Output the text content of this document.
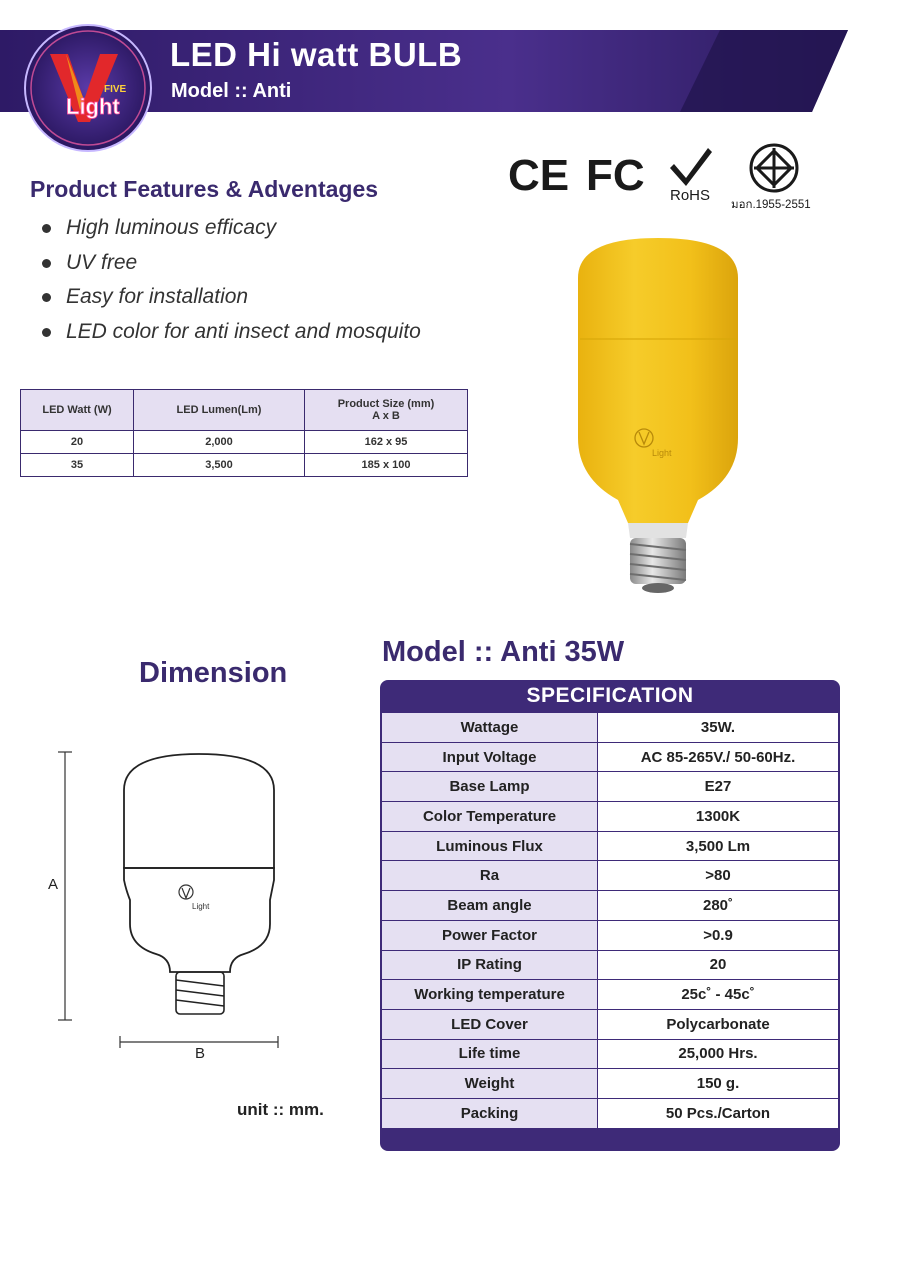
FIVE
Light
LED Hi watt BULB
Model :: Anti
CE FC RoHS
มอก.1955-2551
Product Features & Adventages
High luminous efficacy
UV free
Easy for installation
LED color for anti insect and mosquito
LED Watt (W)	LED Lumen(Lm)	Product Size (mm)
A x B

20	2,000	162 x 95
35	3,500	185 x 100
Light
Dimension
Light
A
B
unit :: mm.
Model :: Anti 35W
SPECIFICATION
Wattage	35W.
Input Voltage	AC 85-265V./ 50-60Hz.
Base Lamp	E27
Color Temperature	1300K
Luminous Flux	3,500 Lm
Ra	>80
Beam angle	280˚
Power Factor	>0.9
IP Rating	20
Working temperature	25c˚ - 45c˚
LED Cover	Polycarbonate
Life time	25,000 Hrs.
Weight	150 g.
Packing	50 Pcs./Carton
